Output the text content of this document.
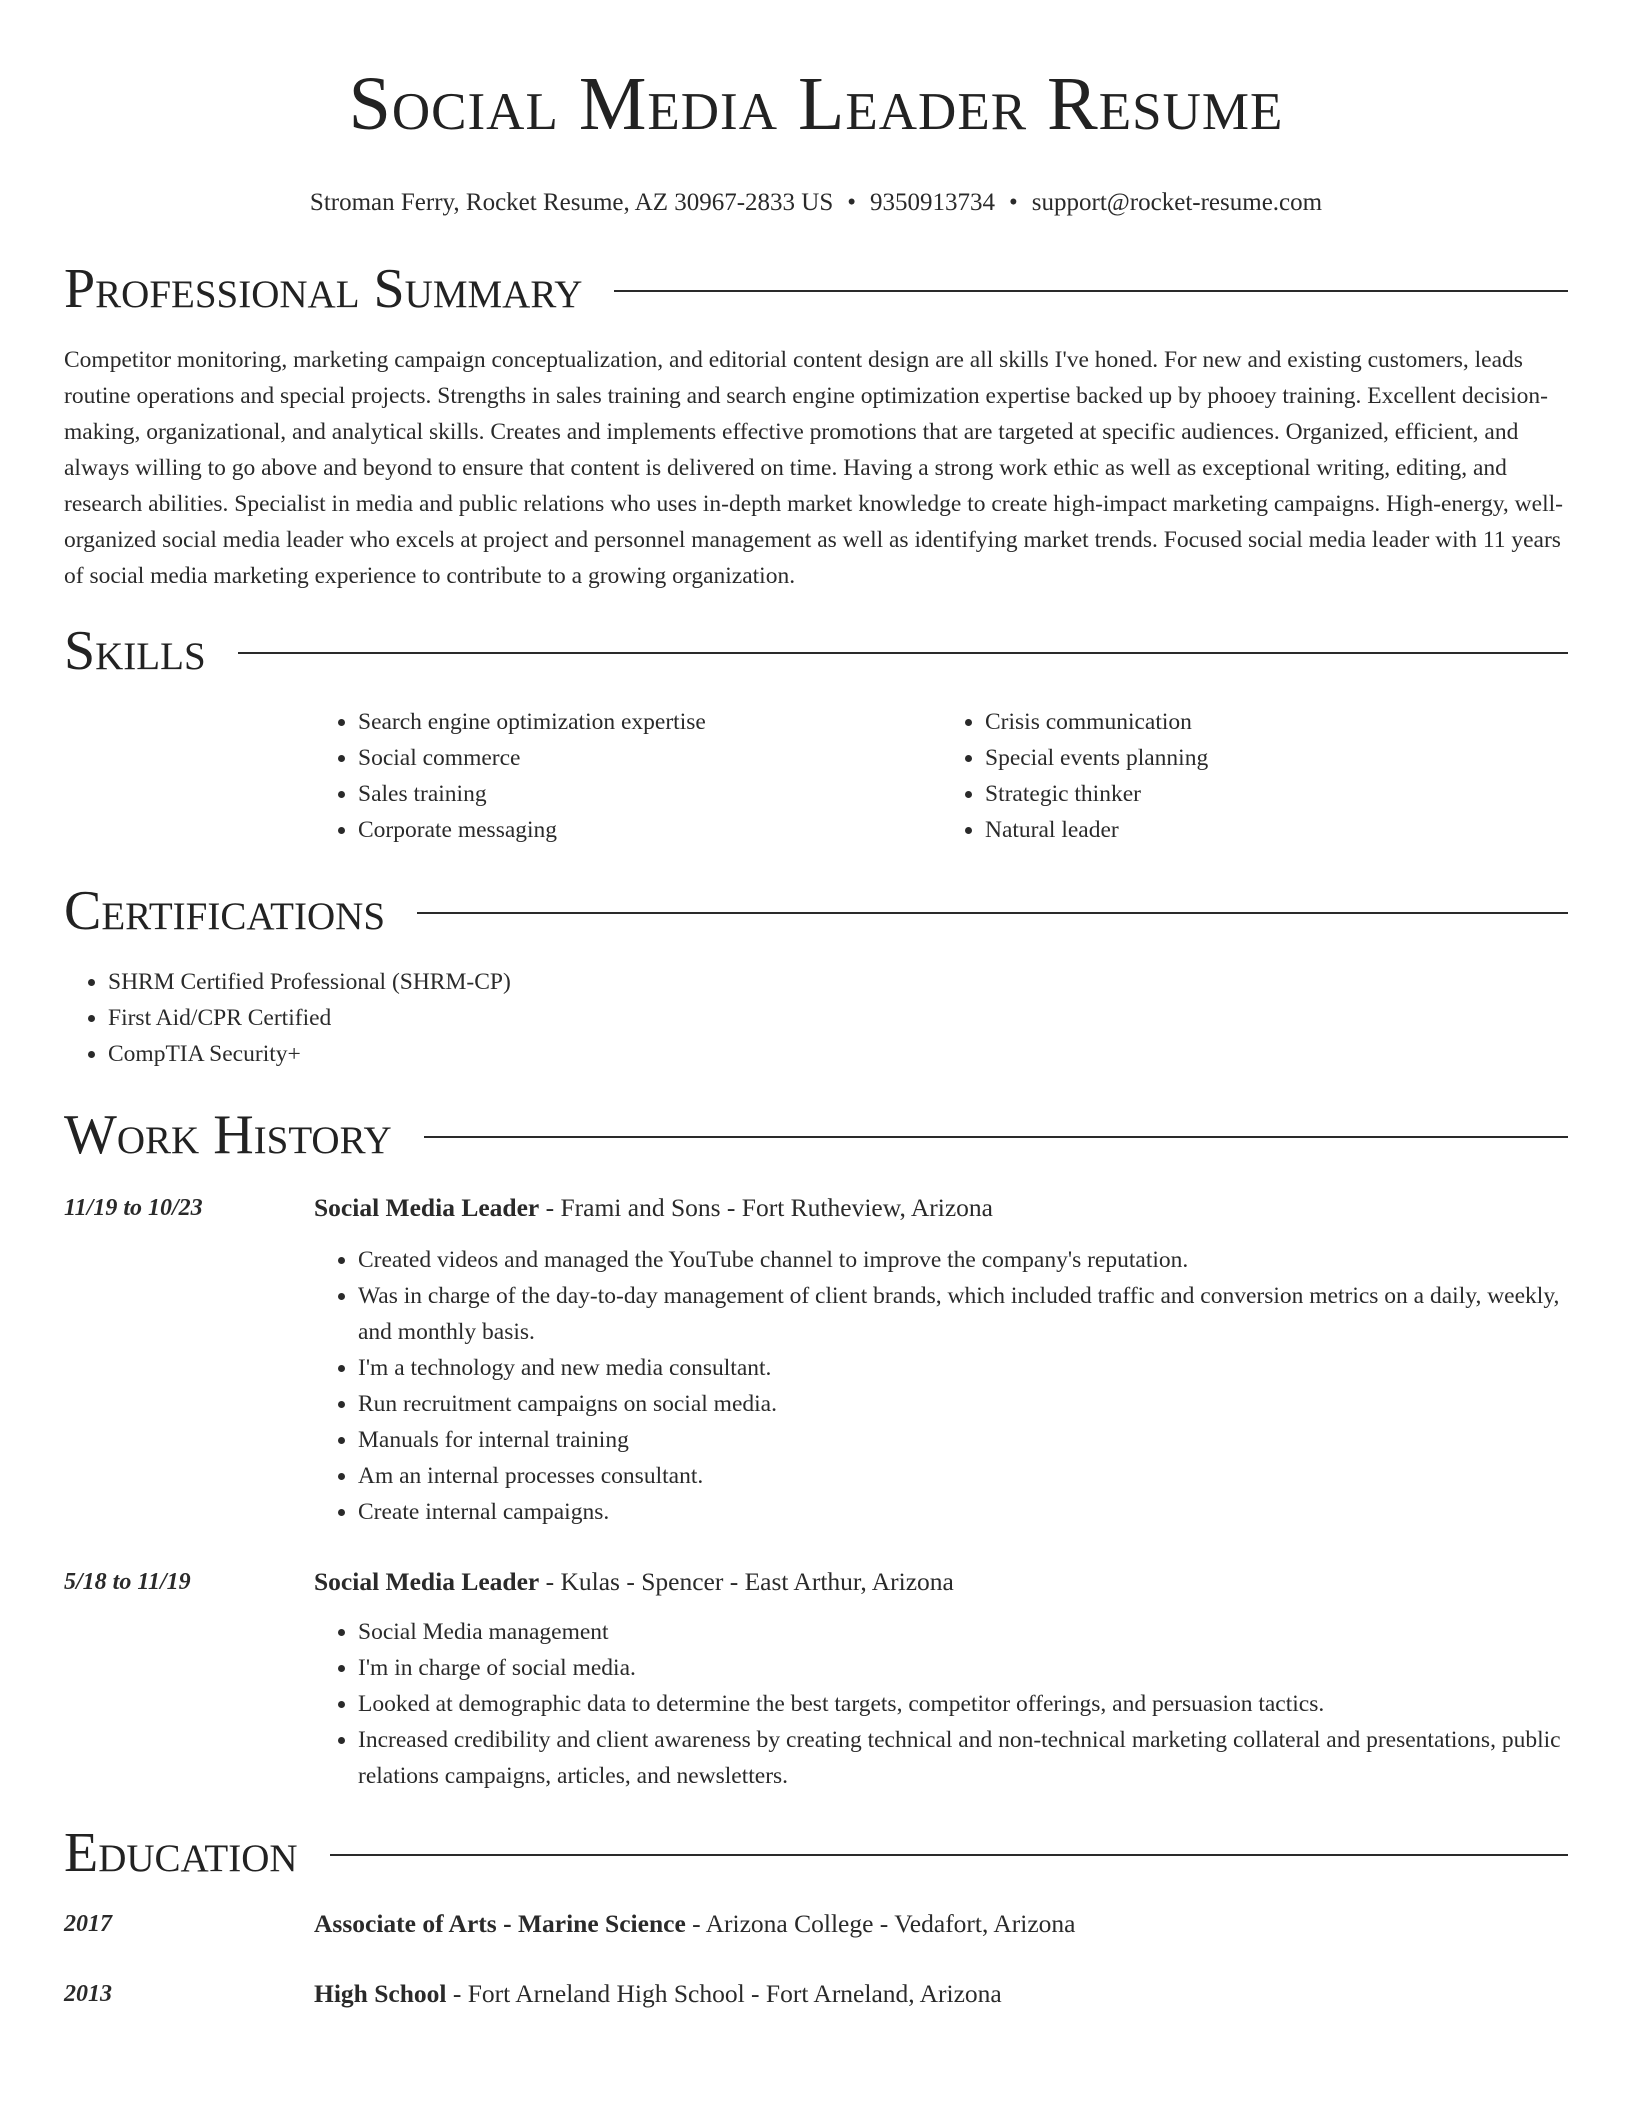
Social Media Leader Resume
Stroman Ferry, Rocket Resume, AZ 30967-2833 US • 9350913734 • support@rocket-resume.com
Professional Summary

Competitor monitoring, marketing campaign conceptualization, and editorial content design are all skills I've honed. For new and existing customers, leads routine operations and special projects. Strengths in sales training and search engine optimization expertise backed up by phooey training. Excellent decision-making, organizational, and analytical skills. Creates and implements effective promotions that are targeted at specific audiences. Organized, efficient, and always willing to go above and beyond to ensure that content is delivered on time. Having a strong work ethic as well as exceptional writing, editing, and research abilities. Specialist in media and public relations who uses in-depth market knowledge to create high-impact marketing campaigns. High-energy, well-organized social media leader who excels at project and personnel management as well as identifying market trends. Focused social media leader with 11 years of social media marketing experience to contribute to a growing organization.

Skills
• Search engine optimization expertise
• Social commerce
• Sales training
• Corporate messaging
• Crisis communication
• Special events planning
• Strategic thinker
• Natural leader
Certifications
• SHRM Certified Professional (SHRM-CP)
• First Aid/CPR Certified
• CompTIA Security+
Work History
11/19 to 10/23	Social Media Leader - Frami and Sons - Fort Rutheview, Arizona
• Created videos and managed the YouTube channel to improve the company's reputation.
• Was in charge of the day-to-day management of client brands, which included traffic and conversion metrics on a daily, weekly, and monthly basis.
• I'm a technology and new media consultant.
• Run recruitment campaigns on social media.
• Manuals for internal training
• Am an internal processes consultant.
• Create internal campaigns.
5/18 to 11/19	Social Media Leader - Kulas - Spencer - East Arthur, Arizona
• Social Media management
• I'm in charge of social media.
• Looked at demographic data to determine the best targets, competitor offerings, and persuasion tactics.
• Increased credibility and client awareness by creating technical and non-technical marketing collateral and presentations, public relations campaigns, articles, and newsletters.
Education
2017	Associate of Arts - Marine Science - Arizona College - Vedafort, Arizona
2013	High School - Fort Arneland High School - Fort Arneland, Arizona
